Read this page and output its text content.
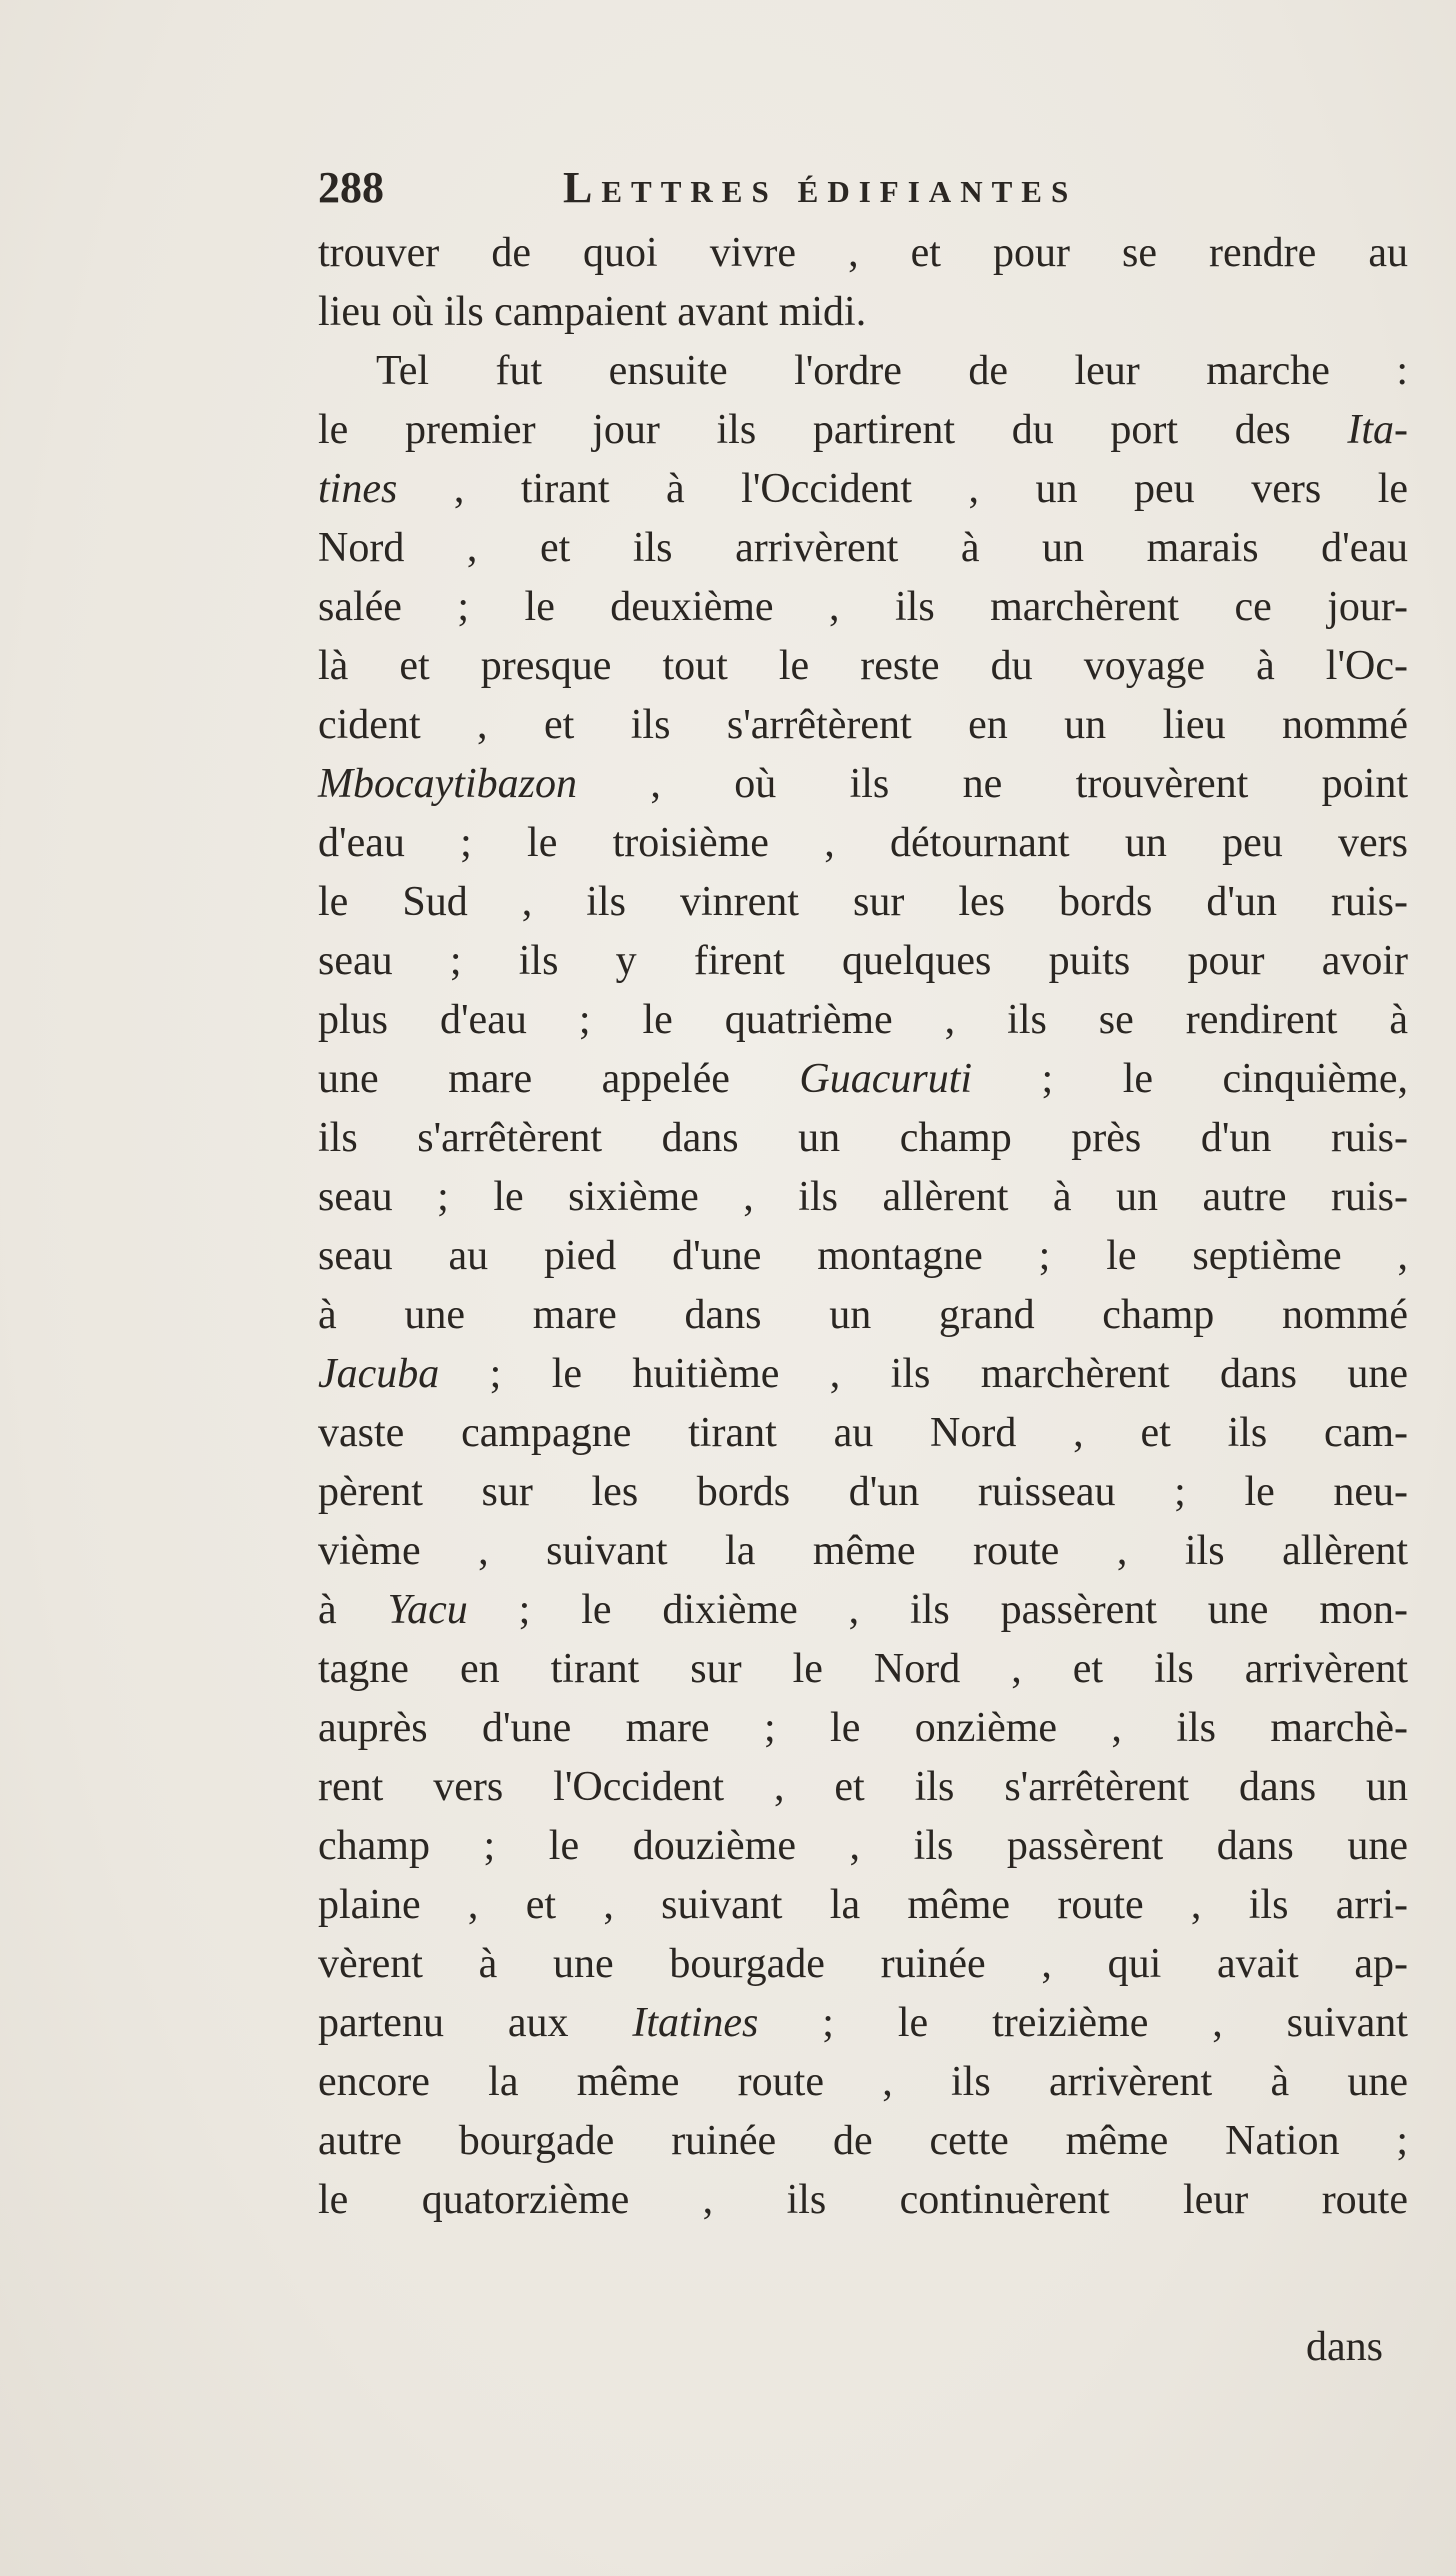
288	Lettres édifiantes
trouver de quoi vivre , et pour se rendre au
lieu où ils campaient avant midi.
Tel fut ensuite l'ordre de leur marche :
le premier jour ils partirent du port des Ita-
tines , tirant à l'Occident , un peu vers le
Nord , et ils arrivèrent à un marais d'eau
salée ; le deuxième , ils marchèrent ce jour-
là et presque tout le reste du voyage à l'Oc-
cident , et ils s'arrêtèrent en un lieu nommé
Mbocaytibazon , où ils ne trouvèrent point
d'eau ; le troisième , détournant un peu vers
le Sud , ils vinrent sur les bords d'un ruis-
seau ; ils y firent quelques puits pour avoir
plus d'eau ; le quatrième , ils se rendirent à
une mare appelée Guacuruti ; le cinquième,
ils s'arrêtèrent dans un champ près d'un ruis-
seau ; le sixième , ils allèrent à un autre ruis-
seau au pied d'une montagne ; le septième ,
à une mare dans un grand champ nommé
Jacuba ; le huitième , ils marchèrent dans une
vaste campagne tirant au Nord , et ils cam-
pèrent sur les bords d'un ruisseau ; le neu-
vième , suivant la même route , ils allèrent
à Yacu ; le dixième , ils passèrent une mon-
tagne en tirant sur le Nord , et ils arrivèrent
auprès d'une mare ; le onzième , ils marchè-
rent vers l'Occident , et ils s'arrêtèrent dans un
champ ; le douzième , ils passèrent dans une
plaine , et , suivant la même route , ils arri-
vèrent à une bourgade ruinée , qui avait ap-
partenu aux Itatines ; le treizième , suivant
encore la même route , ils arrivèrent à une
autre bourgade ruinée de cette même Nation ;
le quatorzième , ils continuèrent leur route
dans
